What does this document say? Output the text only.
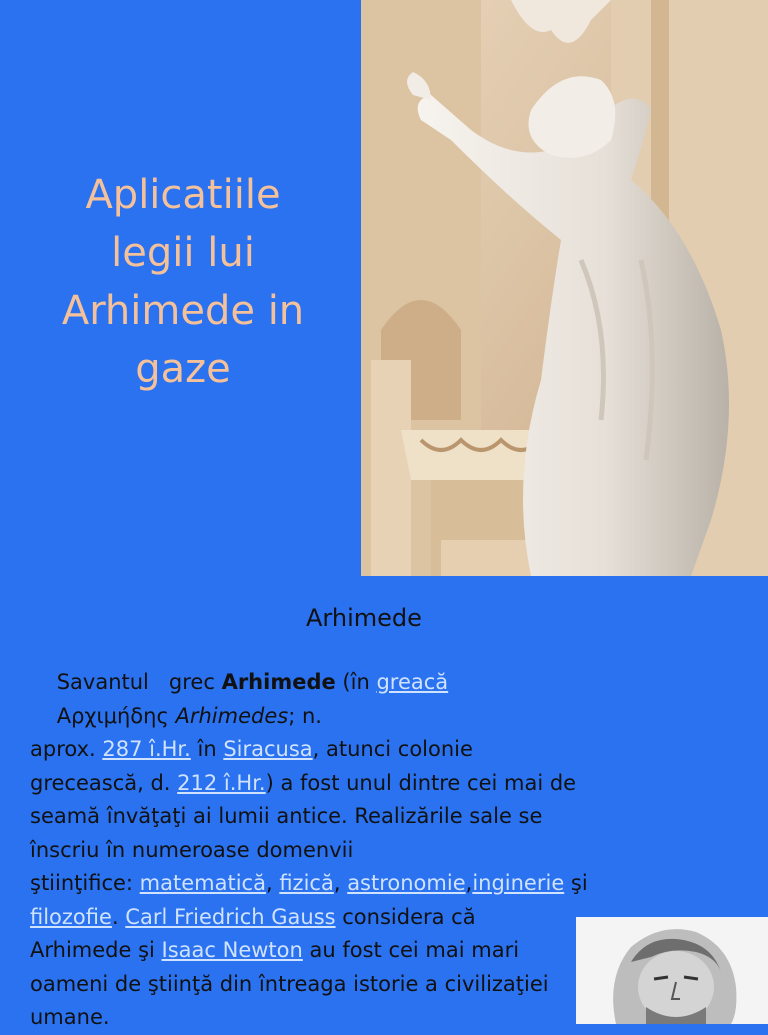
Aplicatiile
legii lui
Arhimede in
gaze
Arhimede

Savantul grec Arhimede (în greacă
Αρχιμήδης Arhimedes; n.
aprox. 287 î.Hr. în Siracusa, atunci colonie
grecească, d. 212 î.Hr.) a fost unul dintre cei mai de
seamă învăţaţi ai lumii antice. Realizările sale se
înscriu în numeroase domenvii
ştiinţifice: matematică, fizică, astronomie,inginerie şi
filozofie. Carl Friedrich Gauss considera că
Arhimede şi Isaac Newton au fost cei mai mari
oameni de ştiinţă din întreaga istorie a civilizaţiei
umane.
